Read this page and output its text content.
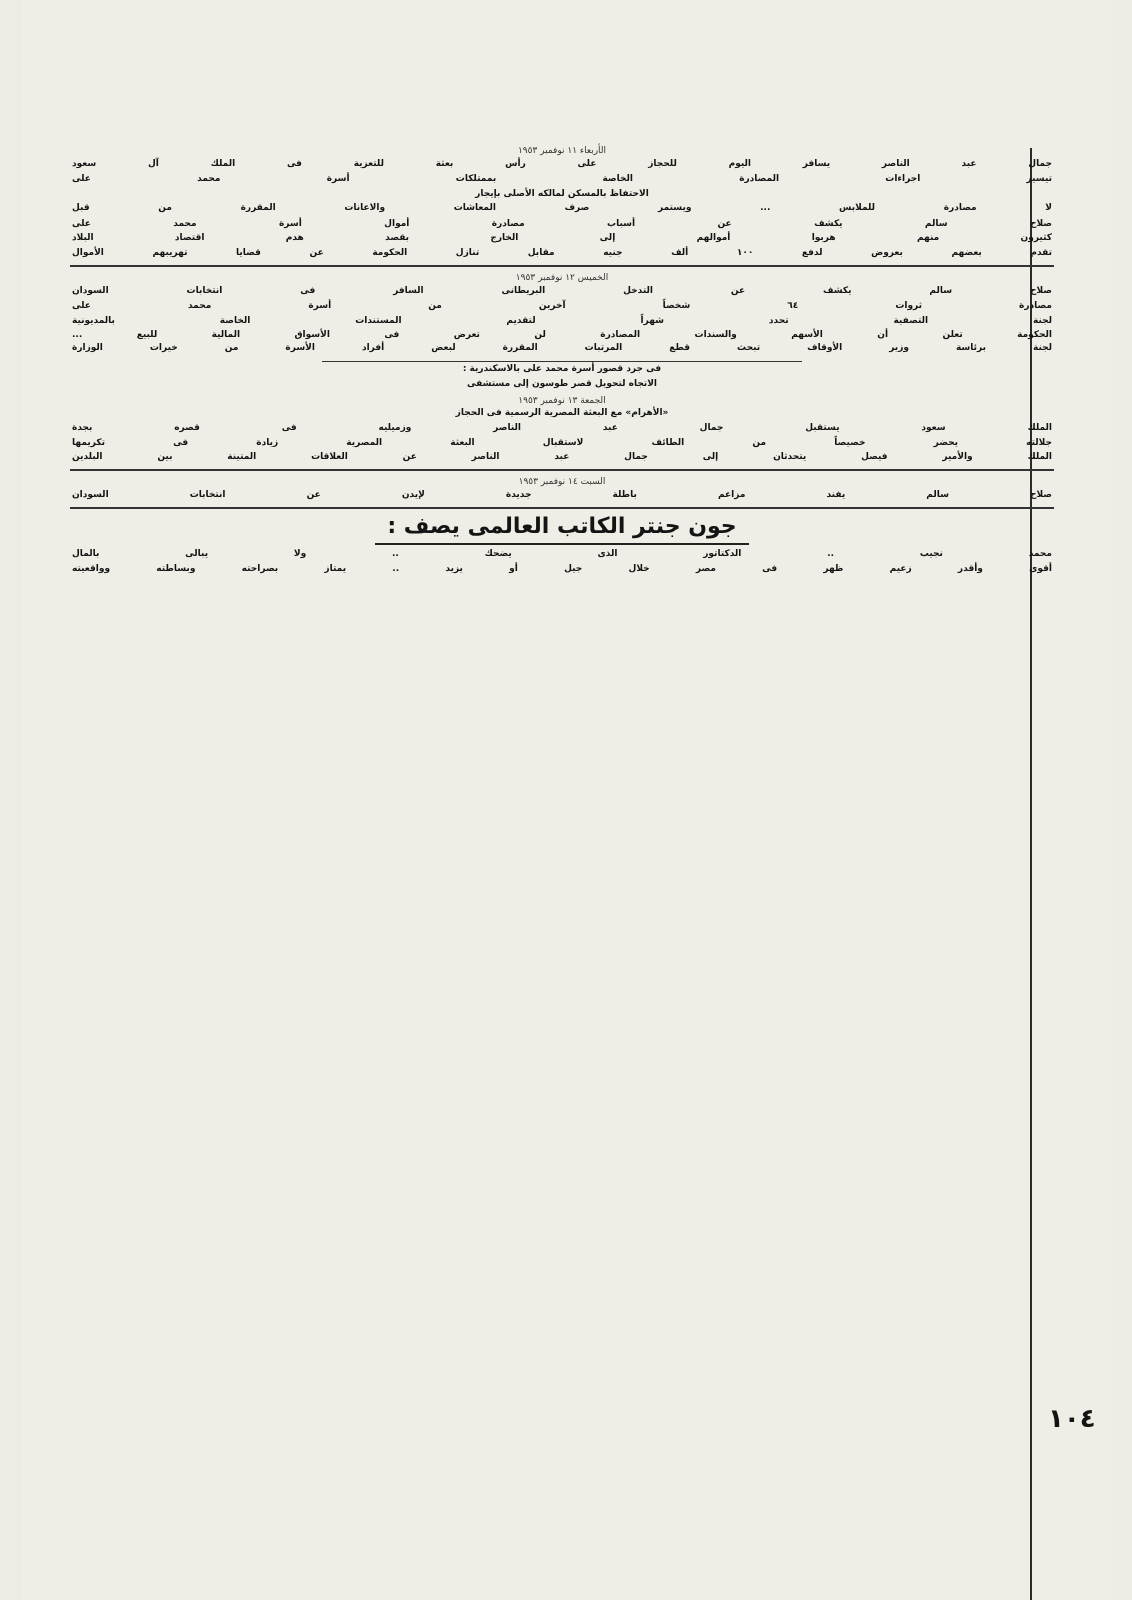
الأربعاء ١١ نوفمبر ١٩٥٣
جمال عبد الناصر يسافر اليوم للحجاز على رأس بعثة للتعزية فى الملك آل سعود
تيسير اجراءات المصادرة الخاصة بممتلكات أسرة محمد على
الاحتفاظ بالمسكن لمالكه الأصلى بإيجار
لا مصادرة للملابس ... ويستمر صرف المعاشات والاعانات المقررة من قبل
صلاح سالم يكشف عن أسباب مصادرة أموال أسرة محمد على
كثيرون منهم هربوا أموالهم إلى الخارج بقصد هدم اقتصاد البلاد
تقدم بعضهم بعروض لدفع ١٠٠ ألف جنيه مقابل تنازل الحكومة عن قضايا تهريبهم الأموال
الخميس ١٢ نوفمبر ١٩٥٣
صلاح سالم يكشف عن التدخل البريطانى السافر فى انتخابات السودان
مصادرة ثروات ٦٤ شخصاً آخرين من أسرة محمد على
لجنة التصفية تحدد شهراً لتقديم المستندات الخاصة بالمديونية
الحكومة تعلن أن الأسهم والسندات المصادرة لن تعرض فى الأسواق المالية للبيع ...
لجنة برئاسة وزير الأوقاف تبحث قطع المرتبات المقررة لبعض أفراد الأسرة من خيرات الوزارة
فى جرد قصور أسرة محمد على بالاسكندرية :
الاتجاه لتحويل قصر طوسون إلى مستشفى
الجمعة ١٣ نوفمبر ١٩٥٣
«الأهرام» مع البعثة المصرية الرسمية فى الحجاز
الملك سعود يستقبل جمال عبد الناصر وزميليه فى قصره بجدة
جلالته يحضر خصيصاً من الطائف لاستقبال البعثة المصرية زيادة فى تكريمها
الملك والأمير فيصل يتحدثان إلى جمال عبد الناصر عن العلاقات المتينة بين البلدين
السبت ١٤ نوفمبر ١٩٥٣
صلاح سالم يفند مزاعم باطلة جديدة لإيدن عن انتخابات السودان
جون جنتر الكاتب العالمى يصف :
محمد نجيب .. الدكتاتور الذى يضحك .. ولا يبالى بالمال
أقوى وأقدر زعيم ظهر فى مصر خلال جيل أو يزيد .. يمتاز بصراحته وبساطته وواقعيته
١٠٤
